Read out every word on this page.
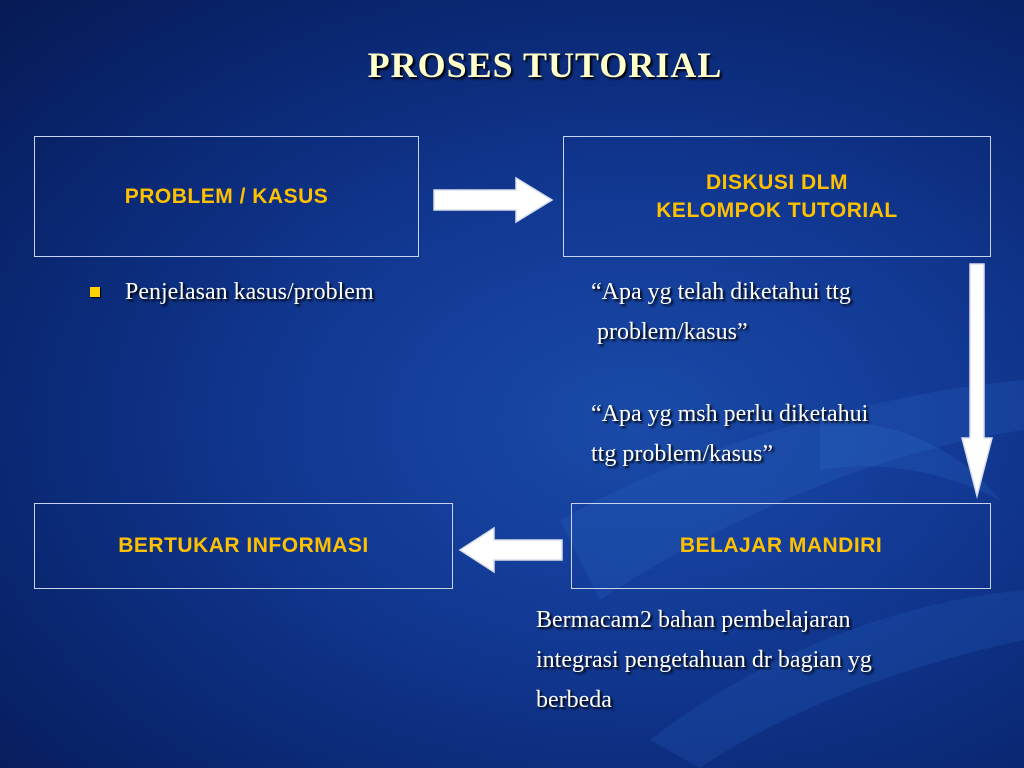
PROSES TUTORIAL
PROBLEM / KASUS
DISKUSI DLM
KELOMPOK TUTORIAL
BERTUKAR INFORMASI	BELAJAR MANDIRI
Penjelasan kasus/problem	“Apa yg telah diketahui ttg
problem/kasus”
“Apa yg msh perlu diketahui
ttg problem/kasus”
Bermacam2 bahan pembelajaran
integrasi pengetahuan dr bagian yg
berbeda
